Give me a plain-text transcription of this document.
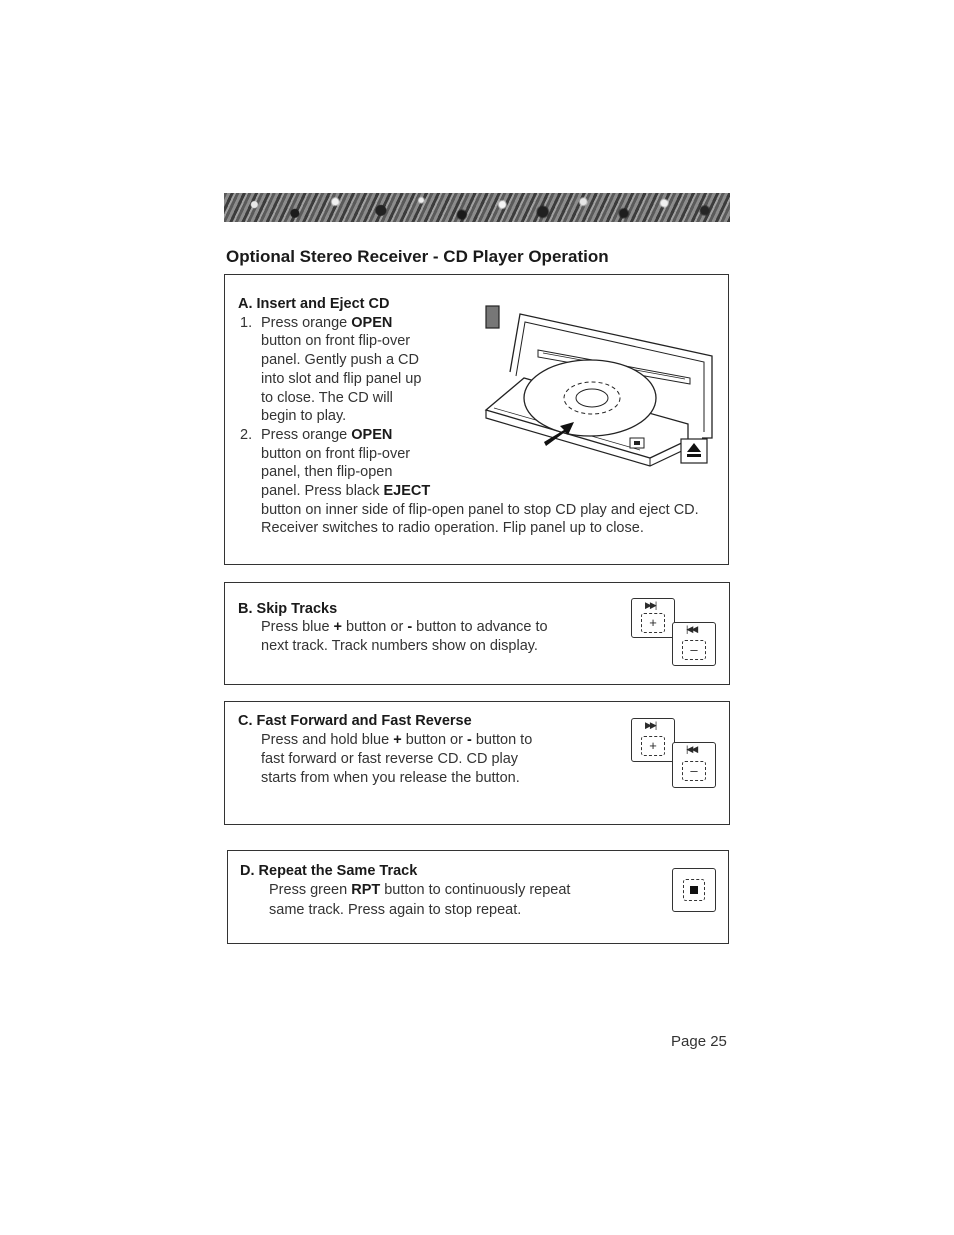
Optional Stereo Receiver - CD Player Operation
A. Insert and Eject CD
1. Press orange OPEN
button on front flip-over
panel. Gently push a CD
into slot and flip panel up
to close. The CD will
begin to play.
2. Press orange OPEN
button on front flip-over
panel, then flip-open
panel. Press black EJECT
button on inner side of flip-open panel to stop CD play and eject CD.
Receiver switches to radio operation. Flip panel up to close.
B. Skip Tracks
Press blue + button or - button to advance to
next track. Track numbers show on display.
▶▶|
+	|◀◀
–
C. Fast Forward and Fast Reverse
Press and hold blue + button or - button to
fast forward or fast reverse CD. CD play
starts from when you release the button.
▶▶|
+	|◀◀
–
D. Repeat the Same Track
Press green RPT button to continuously repeat
same track. Press again to stop repeat.
Page 25
